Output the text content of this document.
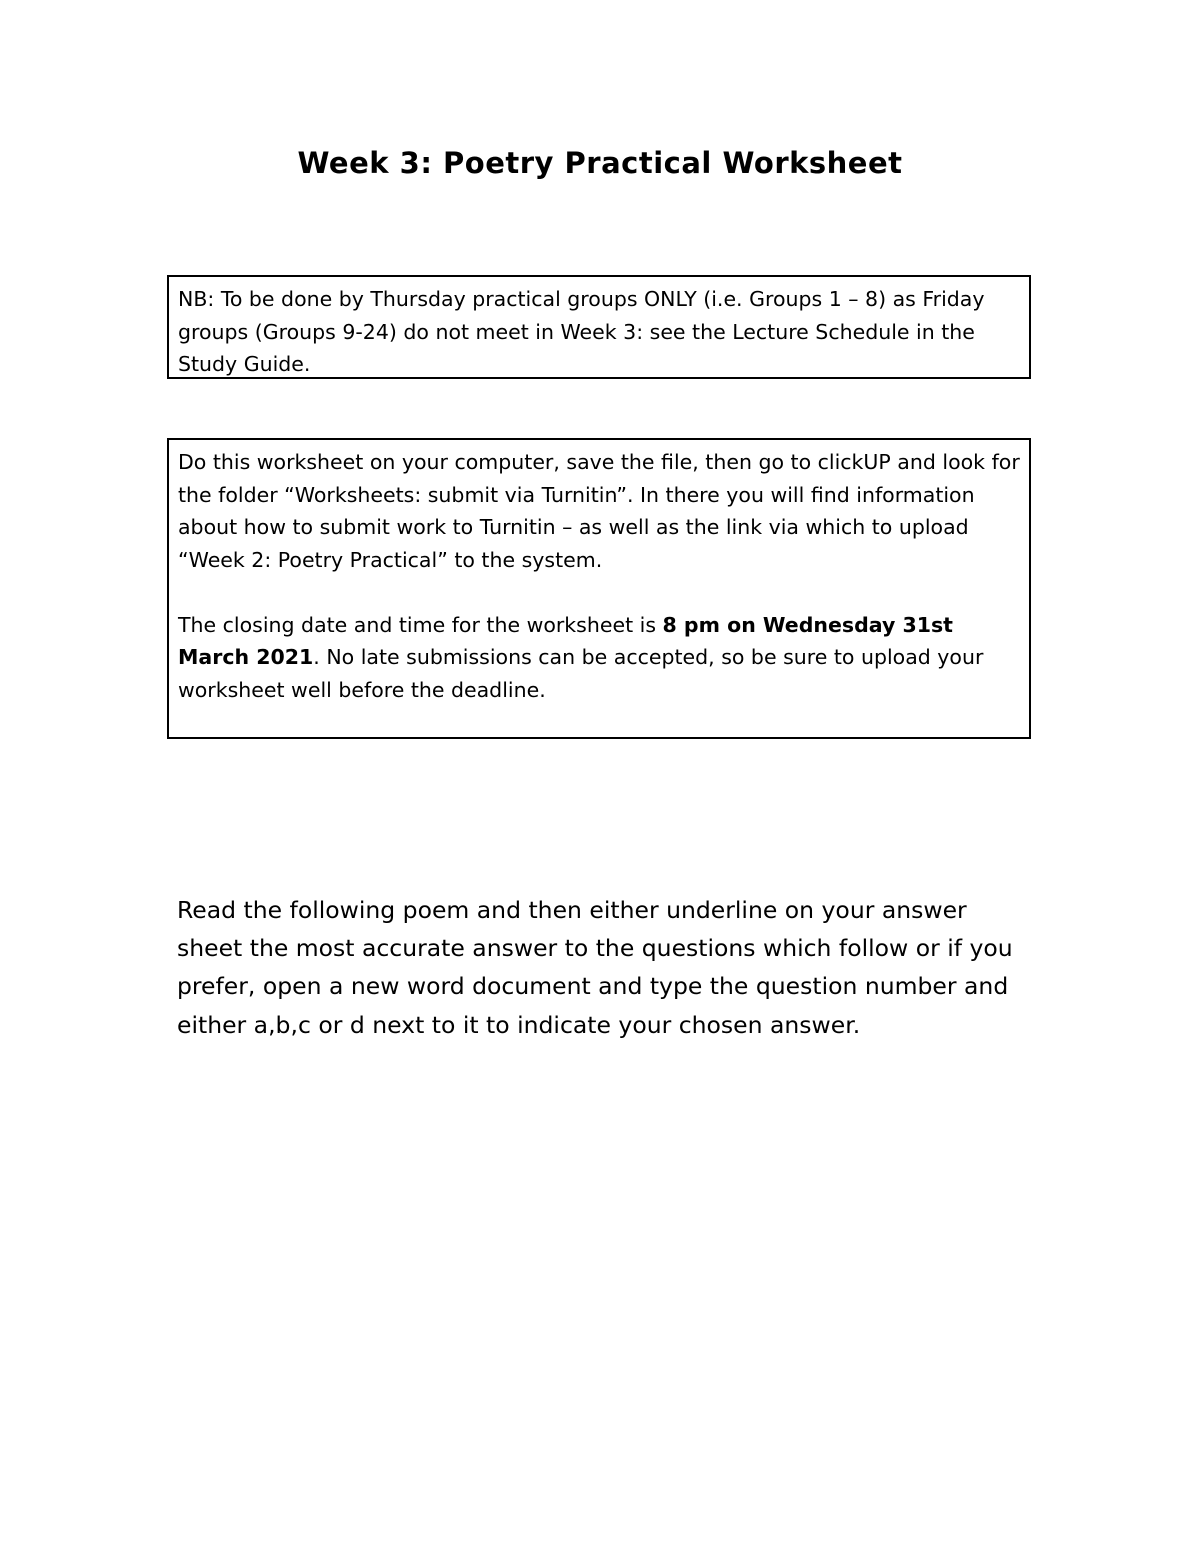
Week 3: Poetry Practical Worksheet

NB: To be done by Thursday practical groups ONLY (i.e. Groups 1 – 8) as Friday groups (Groups 9-24) do not meet in Week 3: see the Lecture Schedule in the Study Guide.

Do this worksheet on your computer, save the file, then go to clickUP and look for the folder “Worksheets: submit via Turnitin”. In there you will find information about how to submit work to Turnitin – as well as the link via which to upload “Week 2: Poetry Practical” to the system.

The closing date and time for the worksheet is 8 pm on Wednesday 31st March 2021. No late submissions can be accepted, so be sure to upload your worksheet well before the deadline.

Read the following poem and then either underline on your answer sheet the most accurate answer to the questions which follow or if you prefer, open a new word document and type the question number and either a,b,c or d next to it to indicate your chosen answer.
